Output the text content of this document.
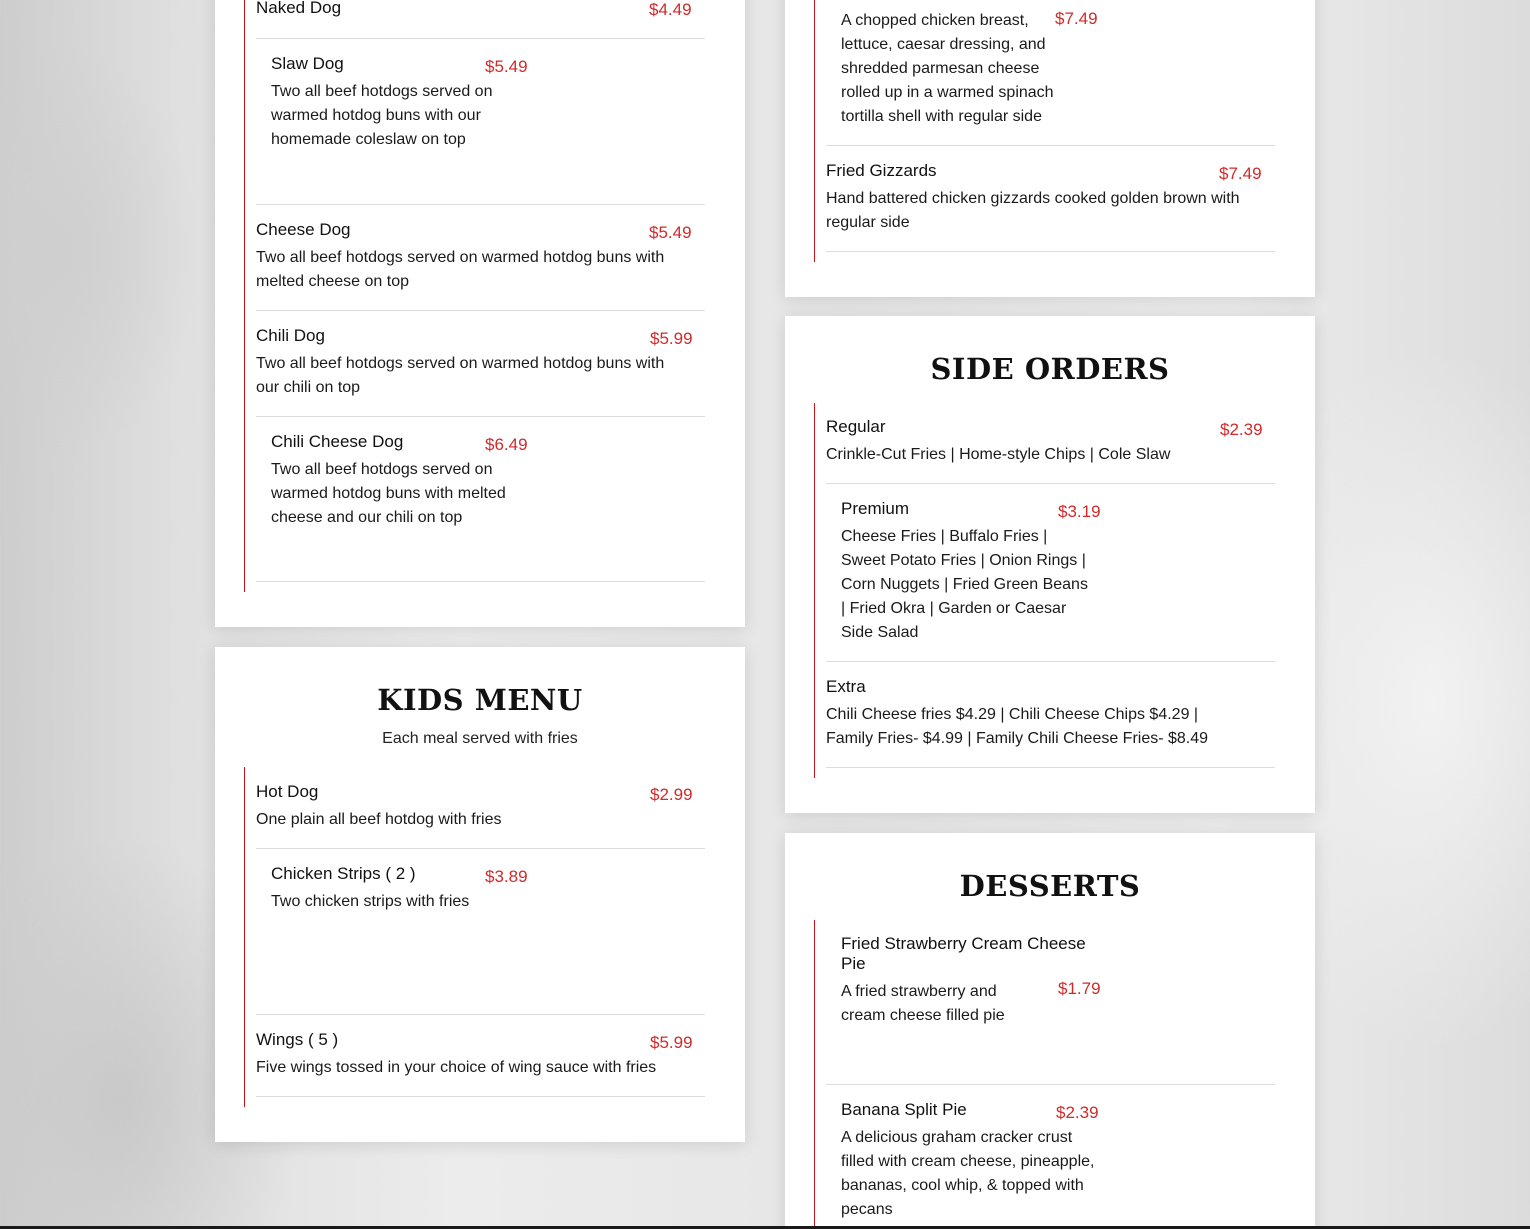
Naked Dog	$4.49
Slaw Dog	$5.49
Two all beef hotdogs served on warmed hotdog buns with our homemade coleslaw on top
Cheese Dog	$5.49
Two all beef hotdogs served on warmed hotdog buns with melted cheese on top
Chili Dog	$5.99
Two all beef hotdogs served on warmed hotdog buns with our chili on top
Chili Cheese Dog	$6.49
Two all beef hotdogs served on warmed hotdog buns with melted cheese and our chili on top
KIDS MENU
Each meal served with fries
Hot Dog	$2.99
One plain all beef hotdog with fries
Chicken Strips ( 2 )	$3.89
Two chicken strips with fries
Wings ( 5 )	$5.99
Five wings tossed in your choice of wing sauce with fries
$7.49
A chopped chicken breast, lettuce, caesar dressing, and shredded parmesan cheese rolled up in a warmed spinach tortilla shell with regular side
Fried Gizzards	$7.49
Hand battered chicken gizzards cooked golden brown with regular side
SIDE ORDERS
Regular	$2.39
Crinkle-Cut Fries | Home-style Chips | Cole Slaw
Premium	$3.19
Cheese Fries | Buffalo Fries | Sweet Potato Fries | Onion Rings | Corn Nuggets | Fried Green Beans | Fried Okra | Garden or Caesar Side Salad
Extra
Chili Cheese fries $4.29 | Chili Cheese Chips $4.29 | Family Fries- $4.99 | Family Chili Cheese Fries- $8.49
DESSERTS
Fried Strawberry Cream Cheese Pie
$1.79
A fried strawberry and cream cheese filled pie
Banana Split Pie	$2.39
A delicious graham cracker crust filled with cream cheese, pineapple, bananas, cool whip, & topped with pecans
